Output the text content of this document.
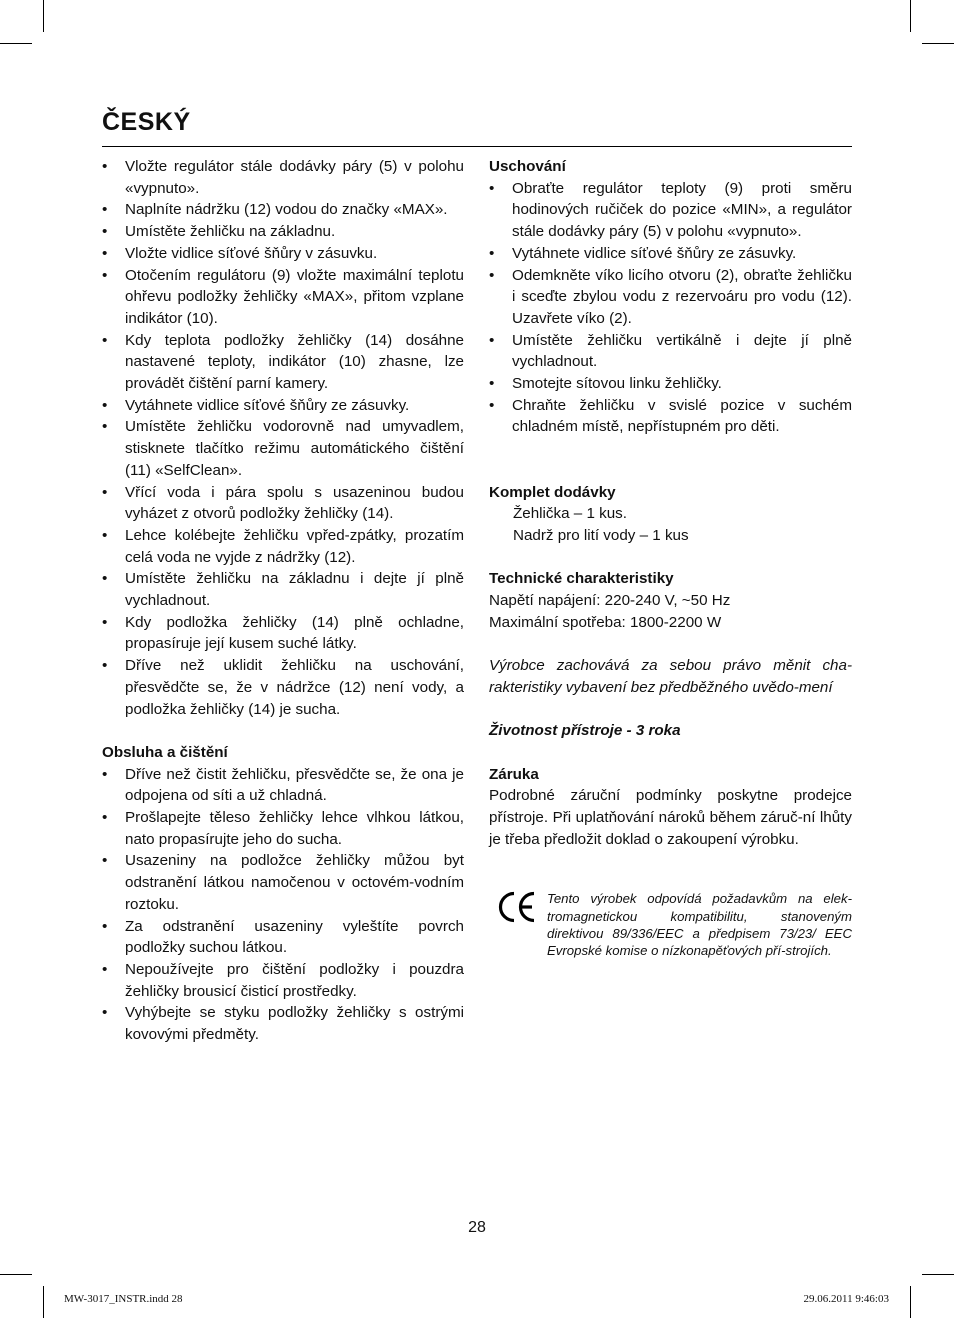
ČESKÝ
• Vložte regulátor stále dodávky páry (5) v polohu «vypnuto».
• Naplníte nádržku (12) vodou do značky «MAX».
• Umístěte žehličku na základnu.
• Vložte vidlice síťové šňůry v zásuvku.
• Otočením regulátoru (9) vložte maximální teplotu ohřevu podložky žehličky «MAX», přitom vzplane indikátor (10).
• Kdy teplota podložky žehličky (14) dosáhne nastavené teploty, indikátor (10) zhasne, lze provádět čištění parní kamery.
• Vytáhnete vidlice síťové šňůry ze zásuvky.
• Umístěte žehličku vodorovně nad umyvadlem, stisknete tlačítko režimu automátického čištění (11) «SelfClean».
• Vřící voda i pára spolu s usazeninou budou vyházet z otvorů podložky žehličky (14).
• Lehce kolébejte žehličku vpřed-zpátky, prozatím celá voda ne vyjde z nádržky (12).
• Umístěte žehličku na základnu i dejte jí plně vychladnout.
• Kdy podložka žehličky (14) plně ochladne, propasíruje její kusem suché látky.
• Dříve než uklidit žehličku na uschování, přesvědčte se, že v nádržce (12) není vody, a podložka žehličky (14) je sucha.

Obsluha a čištění

• Dříve než čistit žehličku, přesvědčte se, že ona je odpojena od síti a už chladná.
• Prošlapejte těleso žehličky lehce vlhkou látkou, nato propasírujte jeho do sucha.
• Usazeniny na podložce žehličky můžou byt odstranění látkou namočenou v octovém-vodním roztoku.
• Za odstranění usazeniny vyleštíte povrch podložky suchou látkou.
• Nepoužívejte pro čištění podložky i pouzdra žehličky brousicí čisticí prostředky.
• Vyhýbejte se styku podložky žehličky s ostrými kovovými předměty.

Uschování

• Obraťte regulátor teploty (9) proti směru hodinových ručiček do pozice «MIN», a regulátor stále dodávky páry (5) v polohu «vypnuto».
• Vytáhnete vidlice síťové šňůry ze zásuvky.
• Odemkněte víko licího otvoru (2), obraťte žehličku i sceďte zbylou vodu z rezervoáru pro vodu (12). Uzavřete víko (2).
• Umístěte žehličku vertikálně i dejte jí plně vychladnout.
• Smotejte sítovou linku žehličky.
• Chraňte žehličku v svislé pozice v suchém chladném místě, nepřístupném pro děti.

Komplet dodávky

Žehlička – 1 kus.

Nadrž pro lití vody – 1 kus

Technické charakteristiky

Napětí napájení: 220-240 V, ~50 Hz

Maximální spotřeba: 1800-2200 W

Výrobce zachovává za sebou právo měnit cha-rakteristiky vybavení bez předběžného uvědo-mení

Životnost přístroje - 3 roka

Záruka

Podrobné záruční podmínky poskytne prodejce přístroje. Při uplatňování nároků během záruč-ní lhůty je třeba předložit doklad o zakoupení výrobku.

Tento výrobek odpovídá požadavkům na elek-tromagnetickou kompatibilitu, stanoveným direktivou 89/336/EEC a předpisem 73/23/ EEC Evropské komise o nízkonapěťových pří-strojích.

28
MW-3017_INSTR.indd 28	29.06.2011 9:46:03
